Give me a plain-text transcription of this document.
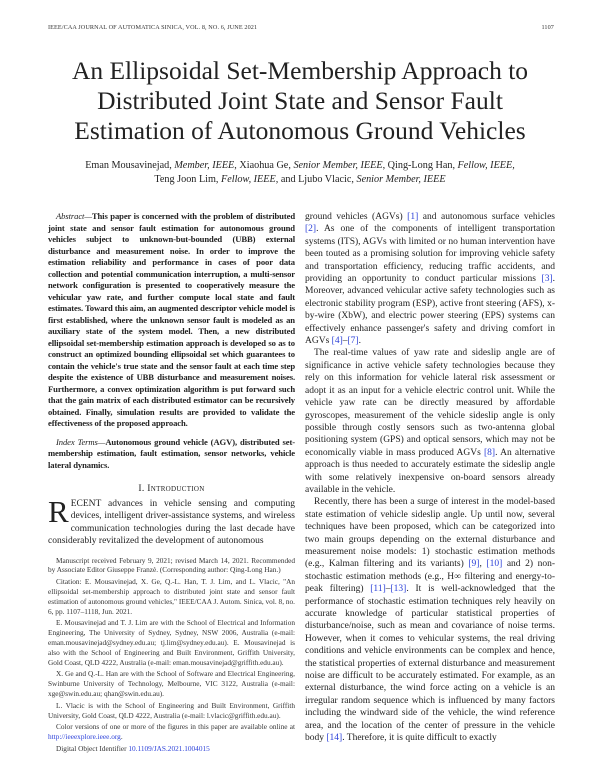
IEEE/CAA JOURNAL OF AUTOMATICA SINICA, VOL. 8, NO. 6, JUNE 2021	1107
An Ellipsoidal Set-Membership Approach to
Distributed Joint State and Sensor Fault
Estimation of Autonomous Ground Vehicles
Eman Mousavinejad, Member, IEEE, Xiaohua Ge, Senior Member, IEEE, Qing-Long Han, Fellow, IEEE,
Teng Joon Lim, Fellow, IEEE, and Ljubo Vlacic, Senior Member, IEEE

Abstract—This paper is concerned with the problem of distributed joint state and sensor fault estimation for autonomous ground vehicles subject to unknown-but-bounded (UBB) external disturbance and measurement noise. In order to improve the estimation reliability and performance in cases of poor data collection and potential communication interruption, a multi-sensor network configuration is presented to cooperatively measure the vehicular yaw rate, and further compute local state and fault estimates. Toward this aim, an augmented descriptor vehicle model is first established, where the unknown sensor fault is modeled as an auxiliary state of the system model. Then, a new distributed ellipsoidal set-membership estimation approach is developed so as to construct an optimized bounding ellipsoidal set which guarantees to contain the vehicle's true state and the sensor fault at each time step despite the existence of UBB disturbance and measurement noises. Furthermore, a convex optimization algorithm is put forward such that the gain matrix of each distributed estimator can be recursively obtained. Finally, simulation results are provided to validate the effectiveness of the proposed approach.

Index Terms—Autonomous ground vehicle (AGV), distributed set-membership estimation, fault estimation, sensor networks, vehicle lateral dynamics.

I. Introduction

RECENT advances in vehicle sensing and computing devices, intelligent driver-assistance systems, and wireless communication technologies during the last decade have considerably revitalized the development of autonomous

Manuscript received February 9, 2021; revised March 14, 2021. Recommended by Associate Editor Giuseppe Franzè. (Corresponding author: Qing-Long Han.)

Citation: E. Mousavinejad, X. Ge, Q.-L. Han, T. J. Lim, and L. Vlacic, "An ellipsoidal set-membership approach to distributed joint state and sensor fault estimation of autonomous ground vehicles," IEEE/CAA J. Autom. Sinica, vol. 8, no. 6, pp. 1107–1118, Jun. 2021.

E. Mousavinejad and T. J. Lim are with the School of Electrical and Information Engineering, The University of Sydney, Sydney, NSW 2006, Australia (e-mail: eman.mousavinejad@sydney.edu.au; tj.lim@sydney.edu.au). E. Mousavinejad is also with the School of Engineering and Built Environment, Griffith University, Gold Coast, QLD 4222, Australia (e-mail: eman.mousavinejad@griffith.edu.au).

X. Ge and Q.-L. Han are with the School of Software and Electrical Engineering, Swinburne University of Technology, Melbourne, VIC 3122, Australia (e-mail: xge@swin.edu.au; qhan@swin.edu.au).

L. Vlacic is with the School of Engineering and Built Environment, Griffith University, Gold Coast, QLD 4222, Australia (e-mail: l.vlacic@griffith.edu.au).

Color versions of one or more of the figures in this paper are available online at http://ieeexplore.ieee.org.

Digital Object Identifier 10.1109/JAS.2021.1004015

ground vehicles (AGVs) [1] and autonomous surface vehicles [2]. As one of the components of intelligent transportation systems (ITS), AGVs with limited or no human intervention have been touted as a promising solution for improving vehicle safety and transportation efficiency, reducing traffic accidents, and providing an opportunity to conduct particular missions [3]. Moreover, advanced vehicular active safety technologies such as electronic stability program (ESP), active front steering (AFS), x-by-wire (XbW), and electric power steering (EPS) systems can effectively enhance passenger's safety and driving comfort in AGVs [4]–[7].

The real-time values of yaw rate and sideslip angle are of significance in active vehicle safety technologies because they rely on this information for vehicle lateral risk assessment or adopt it as an input for a vehicle electric control unit. While the vehicle yaw rate can be directly measured by affordable gyroscopes, measurement of the vehicle sideslip angle is only possible through costly sensors such as two-antenna global positioning system (GPS) and optical sensors, which may not be economically viable in mass produced AGVs [8]. An alternative approach is thus needed to accurately estimate the sideslip angle with some relatively inexpensive on-board sensors already available in the vehicle.

Recently, there has been a surge of interest in the model-based state estimation of vehicle sideslip angle. Up until now, several techniques have been proposed, which can be categorized into two main groups depending on the external disturbance and measurement noise models: 1) stochastic estimation methods (e.g., Kalman filtering and its variants) [9], [10] and 2) non-stochastic estimation methods (e.g., H∞ filtering and energy-to-peak filtering) [11]–[13]. It is well-acknowledged that the performance of stochastic estimation techniques rely heavily on accurate knowledge of particular statistical properties of disturbance/noise, such as mean and covariance of noise terms. However, when it comes to vehicular systems, the real driving conditions and vehicle environments can be complex and hence, the statistical properties of external disturbance and measurement noise are difficult to be accurately estimated. For example, as an external disturbance, the wind force acting on a vehicle is an irregular random sequence which is influenced by many factors including the windward side of the vehicle, the wind reference area, and the location of the center of pressure in the vehicle body [14]. Therefore, it is quite difficult to exactly
